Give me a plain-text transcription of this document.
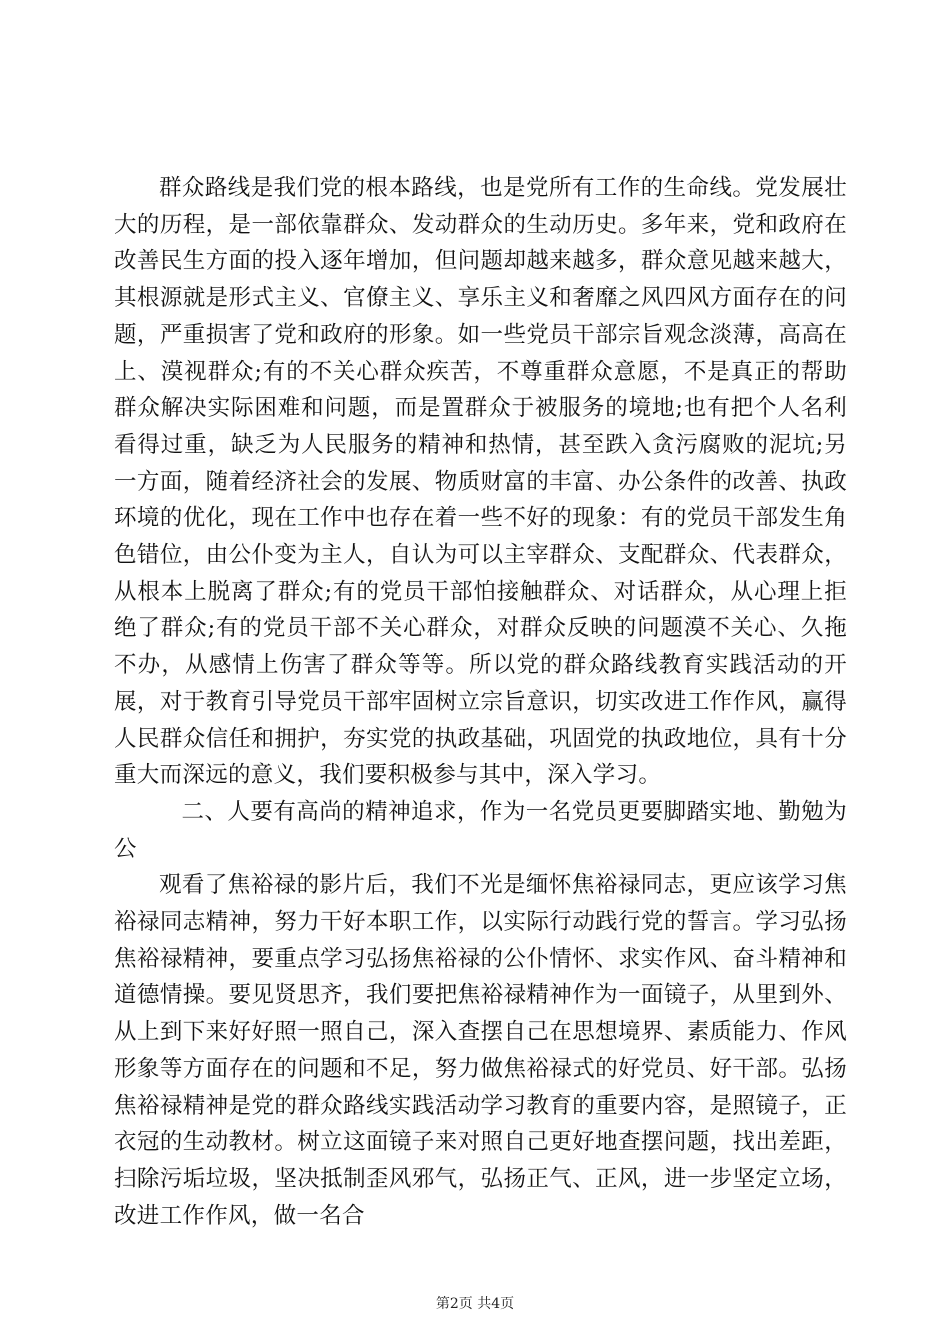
群众路线是我们党的根本路线，也是党所有工作的生命线。党发展壮大的历程，是一部依靠群众、发动群众的生动历史。多年来，党和政府在改善民生方面的投入逐年增加，但问题却越来越多，群众意见越来越大，其根源就是形式主义、官僚主义、享乐主义和奢靡之风四风方面存在的问题，严重损害了党和政府的形象。如一些党员干部宗旨观念淡薄，高高在上、漠视群众;有的不关心群众疾苦，不尊重群众意愿，不是真正的帮助群众解决实际困难和问题，而是置群众于被服务的境地;也有把个人名利看得过重，缺乏为人民服务的精神和热情，甚至跌入贪污腐败的泥坑;另一方面，随着经济社会的发展、物质财富的丰富、办公条件的改善、执政环境的优化，现在工作中也存在着一些不好的现象：有的党员干部发生角色错位，由公仆变为主人，自认为可以主宰群众、支配群众、代表群众，从根本上脱离了群众;有的党员干部怕接触群众、对话群众，从心理上拒绝了群众;有的党员干部不关心群众，对群众反映的问题漠不关心、久拖不办，从感情上伤害了群众等等。所以党的群众路线教育实践活动的开展，对于教育引导党员干部牢固树立宗旨意识，切实改进工作作风，赢得人民群众信任和拥护，夯实党的执政基础，巩固党的执政地位，具有十分重大而深远的意义，我们要积极参与其中，深入学习。

二、人要有高尚的精神追求，作为一名党员更要脚踏实地、勤勉为公

观看了焦裕禄的影片后，我们不光是缅怀焦裕禄同志，更应该学习焦裕禄同志精神，努力干好本职工作，以实际行动践行党的誓言。学习弘扬焦裕禄精神，要重点学习弘扬焦裕禄的公仆情怀、求实作风、奋斗精神和道德情操。要见贤思齐，我们要把焦裕禄精神作为一面镜子，从里到外、从上到下来好好照一照自己，深入查摆自己在思想境界、素质能力、作风形象等方面存在的问题和不足，努力做焦裕禄式的好党员、好干部。弘扬焦裕禄精神是党的群众路线实践活动学习教育的重要内容，是照镜子，正衣冠的生动教材。树立这面镜子来对照自己更好地查摆问题，找出差距，扫除污垢垃圾，坚决抵制歪风邪气，弘扬正气、正风，进一步坚定立场，改进工作作风，做一名合

第2页 共4页
